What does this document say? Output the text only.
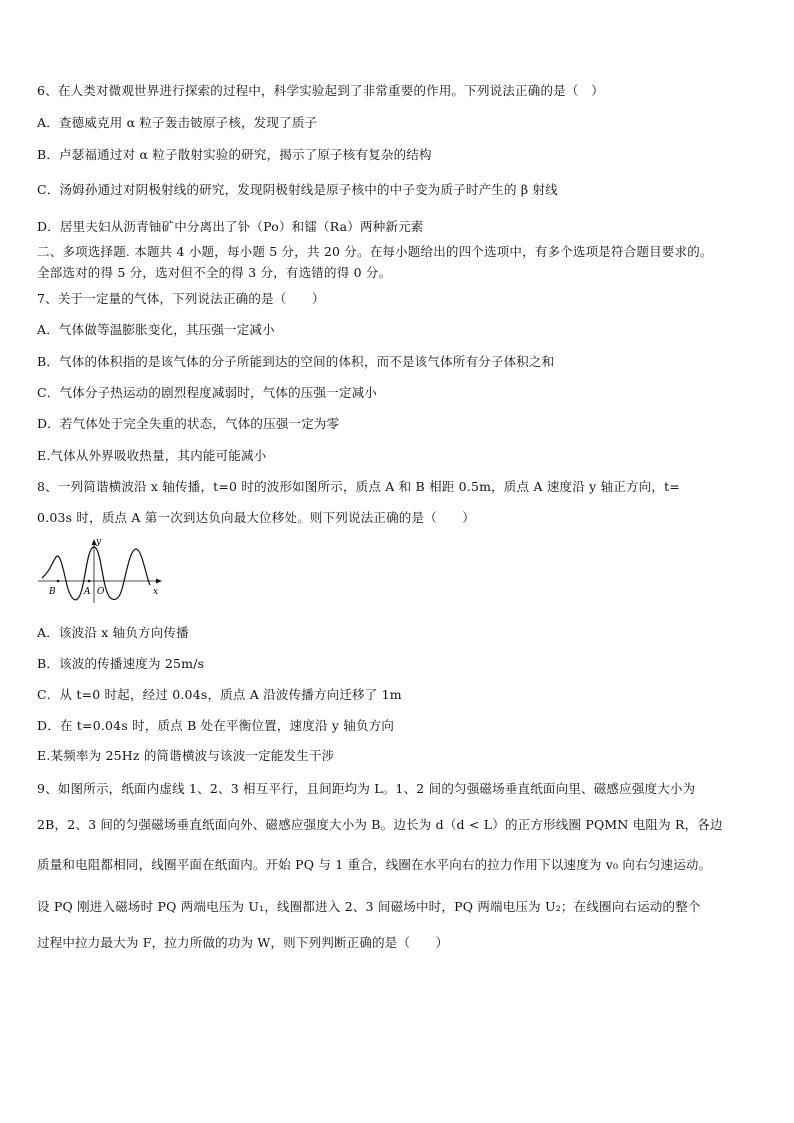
6、在人类对微观世界进行探索的过程中，科学实验起到了非常重要的作用。下列说法正确的是（　）
A．查德威克用 α 粒子轰击铍原子核，发现了质子
B．卢瑟福通过对 α 粒子散射实验的研究，揭示了原子核有复杂的结构
C．汤姆孙通过对阴极射线的研究，发现阴极射线是原子核中的中子变为质子时产生的 β 射线
D．居里夫妇从沥青铀矿中分离出了钋（Po）和镭（Ra）两种新元素
二、多项选择题. 本题共 4 小题，每小题 5 分，共 20 分。在每小题给出的四个选项中，有多个选项是符合题目要求的。
全部选对的得 5 分，选对但不全的得 3 分，有选错的得 0 分。
7、关于一定量的气体，下列说法正确的是（　　）
A．气体做等温膨胀变化，其压强一定减小
B．气体的体积指的是该气体的分子所能到达的空间的体积，而不是该气体所有分子体积之和
C．气体分子热运动的剧烈程度减弱时，气体的压强一定减小
D．若气体处于完全失重的状态，气体的压强一定为零
E.气体从外界吸收热量，其内能可能减小
8、一列简谐横波沿 x 轴传播，t=0 时的波形如图所示，质点 A 和 B 相距 0.5m，质点 A 速度沿 y 轴正方向，t=
0.03s 时，质点 A 第一次到达负向最大位移处。则下列说法正确的是（　　）
y
x
B	A O
A．该波沿 x 轴负方向传播
B．该波的传播速度为 25m/s
C．从 t=0 时起，经过 0.04s，质点 A 沿波传播方向迁移了 1m
D．在 t=0.04s 时，质点 B 处在平衡位置，速度沿 y 轴负方向
E.某频率为 25Hz 的简谐横波与该波一定能发生干涉
9、如图所示，纸面内虚线 1、2、3 相互平行，且间距均为 L。1、2 间的匀强磁场垂直纸面向里、磁感应强度大小为
2B，2、3 间的匀强磁场垂直纸面向外、磁感应强度大小为 B。边长为 d（d < L）的正方形线圈 PQMN 电阻为 R，各边
质量和电阻都相同，线圈平面在纸面内。开始 PQ 与 1 重合，线圈在水平向右的拉力作用下以速度为 v₀ 向右匀速运动。
设 PQ 刚进入磁场时 PQ 两端电压为 U₁，线圈都进入 2、3 间磁场中时，PQ 两端电压为 U₂；在线圈向右运动的整个
过程中拉力最大为 F，拉力所做的功为 W，则下列判断正确的是（　　）
